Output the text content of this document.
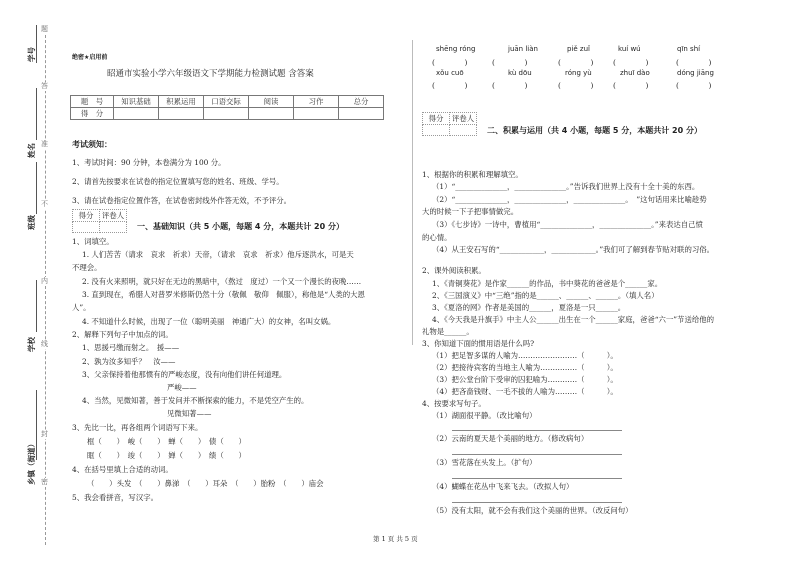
学号
姓名
班级
学校
乡镇（街道）
题
答
准
不
内
线
封
密
绝密★启用前
昭通市实验小学六年级语文下学期能力检测试题 含答案
题　号	知识基础	积累运用	口语交际	阅读	习作	总分
得　分						
考试须知：
1、考试时间：90 分钟，本卷满分为 100 分。
2、请首先按要求在试卷的指定位置填写您的姓名、班级、学号。
3、请在试卷指定位置作答，在试卷密封线外作答无效，不予评分。
得分	评卷人

一、基础知识（共 5 小题，每题 4 分，本题共计 20 分）
1、词填空。
1. 人们苦苦（请求　哀求　祈求）天帝，（请求　哀求　祈求）他斥逐洪水，可是天
不理会。
2. 没有火来照明，就只好在无边的黑暗中，（熬过　度过）一个又一个漫长的夜晚……
3. 直到现在，希腊人对普罗米修斯仍然十分（敬佩　敬仰　佩服），称他是“人类的大恩
人”。
4. 不知道什么时候，出现了一位（聪明美丽　神通广大）的女神，名叫女娲。
2、解释下列句子中加点的词。
1、思援弓缴而射之。　援——
2、孰为汝多知乎？　汝——
3、父亲保持着他那惯有的严峻态度，没有向他们讲任何道理。
严峻——
4、当然，见微知著，善于发问并不断探索的能力，不是凭空产生的。
见微知著——
3、先比一比，再各组两个词语写下来。
框（　　）　峻（　　）　蝉（　　）　债（　　）
眶（　　）　竣（　　）　婵（　　）　绩（　　）
4、在括号里填上合适的动词。
（　　）头发　（　　）鼻涕　（　　）耳朵　（　　）胎粉　（　　）庙会
5、我会看拼音，写汉字。
shēng róng	juān liàn	piě zuǐ	kuí wú	qīn shí
(　　　　)	(　　　　)	(　　　　)	(　　　　)	(　　　　)
xǒu cuō	kù dōu	róng yù	zhuī dào	dóng jiāng
(　　　　)	(　　　　)	(　　　　)	(　　　　)	(　　　　)
得分	评卷人

二、积累与运用（共 4 小题，每题 5 分，本题共计 20 分）
1、根据你的积累和理解填空。
（1）“______________，______________。”告诉我们世界上没有十全十美的东西。
（2）“______________，______________，______________。　”这句话用来比喻趁势
大的时候一下子把事情做完。
（3）《七步诗》一诗中，曹植用“______________，______________。”来表达自己愤
的心情。
（4）从王安石写的“____________，____________。”我们可了解到春节贴对联的习俗。
2、课外阅读积累。
1、《青铜葵花》是作家______的作品，书中葵花的爸爸是个______家。
2、《三国演义》中“三绝”指的是______、______、______。（填人名）
3、《夏洛的网》作者是美国的______，夏洛是一只______。
4、《今天我是升旗手》中主人公______出生在一个______家庭，爸爸“六一”节送给他的
礼物是______。
3、你知道下面的惯用语是什么吗?
（1）把足智多谋的人喻为……………………（　　　）。
（2）把接待宾客的当地主人喻为……………（　　　）。
（3）把公堂台阶下受审的囚犯喻为…………（　　　）。
（4）把吝啬钱财、一毛不拔的人喻为………（　　　）。
4、按要求写句子。
（1）湖面很平静。（改比喻句）
（2）云南的夏天是个美丽的地方。（修改病句）
（3）雪花落在头发上。（扩句）
（4）蝴蝶在花丛中飞来飞去。（改拟人句）
（5）没有太阳，就不会有我们这个美丽的世界。（改反问句）
第 1 页 共 5 页
